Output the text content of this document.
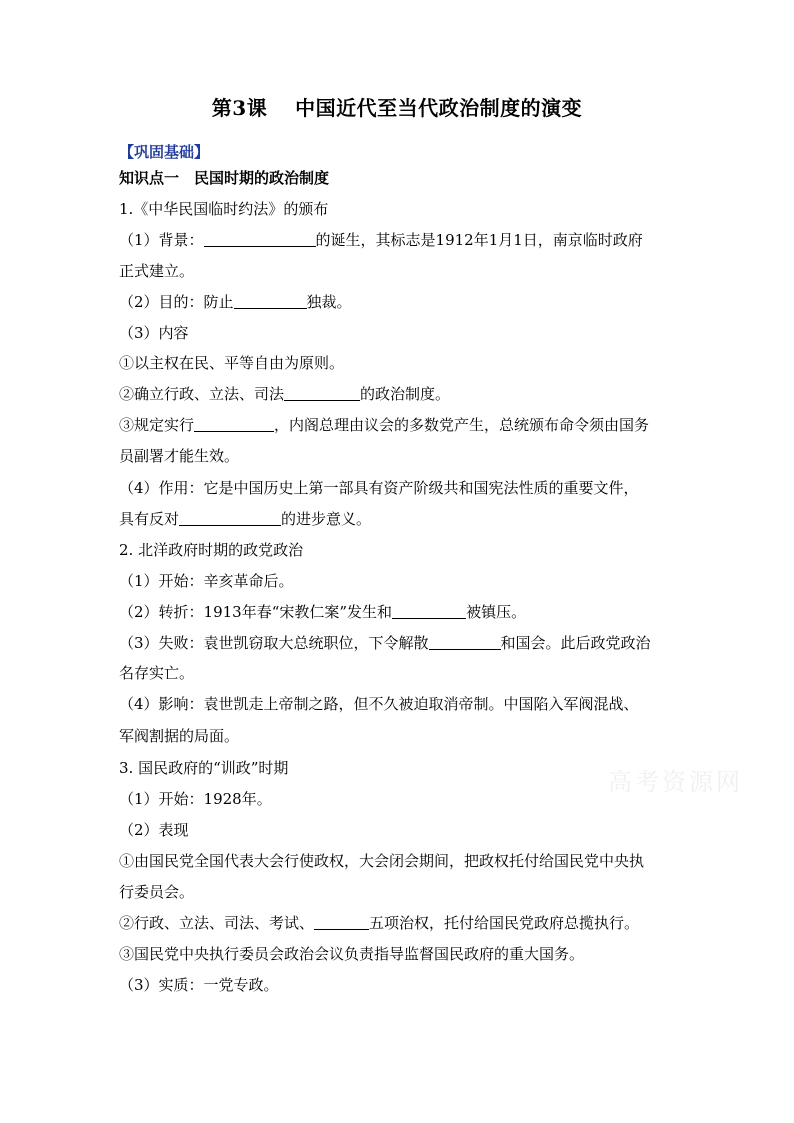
第3课　 中国近代至当代政治制度的演变
【巩固基础】
知识点一　民国时期的政治制度
1.《中华民国临时约法》的颁布
（1）背景：	的诞生，其标志是1912年1月1日，南京临时政府
正式建立。
（2）目的：防止	独裁。
（3）内容
①以主权在民、平等自由为原则。
②确立行政、立法、司法	的政治制度。
③规定实行	，内阁总理由议会的多数党产生，总统颁布命令须由国务
员副署才能生效。
（4）作用：它是中国历史上第一部具有资产阶级共和国宪法性质的重要文件，
具有反对	的进步意义。
2. 北洋政府时期的政党政治
（1）开始：辛亥革命后。
（2）转折：1913年春“宋教仁案”发生和	被镇压。
（3）失败：袁世凯窃取大总统职位，下令解散	和国会。此后政党政治
名存实亡。
（4）影响：袁世凯走上帝制之路，但不久被迫取消帝制。中国陷入军阀混战、
军阀割据的局面。
3. 国民政府的“训政”时期
（1）开始：1928年。
（2）表现
①由国民党全国代表大会行使政权，大会闭会期间，把政权托付给国民党中央执
行委员会。
②行政、立法、司法、考试、	五项治权，托付给国民党政府总揽执行。
③国民党中央执行委员会政治会议负责指导监督国民政府的重大国务。
（3）实质：一党专政。
高考资源网
